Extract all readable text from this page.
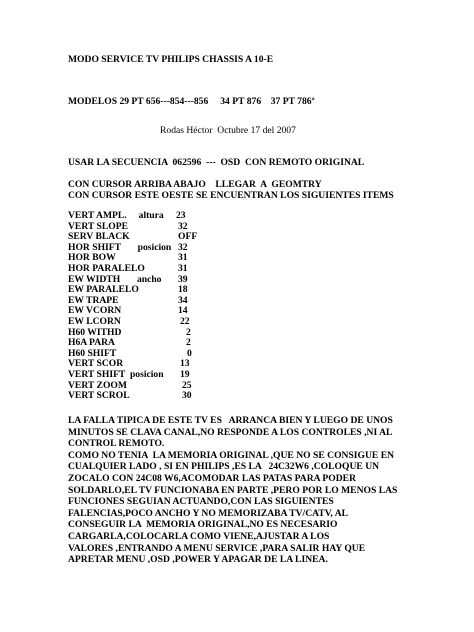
MODO SERVICE TV PHILIPS CHASSIS A 10-E
MODELOS 29 PT 656---854---856     34 PT 876    37 PT 786ª
Rodas Héctor  Octubre 17 del 2007
USAR LA SECUENCIA  062596  ---  OSD  CON REMOTO ORIGINAL
CON CURSOR ARRIBA ABAJO    LLEGAR  A  GEOMTRY
CON CURSOR ESTE OESTE SE ENCUENTRAN LOS SIGUIENTES ITEMS
VERT AMPL.     altura 23
VERT SLOPE	32
SERV BLACK	OFF
HOR SHIFT       posicion 32
HOR BOW	31
HOR PARALELO	31
EW WIDTH       ancho 39
EW PARALELO	18
EW TRAPE	34
EW VCORN	14
EW LCORN	22
H60 WITHD	2
H6A PARA	2
H60 SHIFT	0
VERT SCOR	13
VERT SHIFT  posicion 19
VERT ZOOM	25
VERT SCROL	30
LA FALLA TIPICA DE ESTE TV ES   ARRANCA BIEN Y LUEGO DE UNOS
MINUTOS SE CLAVA CANAL,NO RESPONDE A LOS CONTROLES ,NI AL
CONTROL REMOTO.
COMO NO TENIA  LA MEMORIA ORIGINAL ,QUE NO SE CONSIGUE EN
CUALQUIER LADO , SI EN PHILIPS ,ES LA   24C32W6 ,COLOQUE UN
ZOCALO CON 24C08 W6,ACOMODAR LAS PATAS PARA PODER
SOLDARLO,EL TV FUNCIONABA EN PARTE ,PERO POR LO MENOS LAS
FUNCIONES SEGUIAN ACTUANDO,CON LAS SIGUIENTES
FALENCIAS,POCO ANCHO Y NO MEMORIZABA TV/CATV, AL
CONSEGUIR LA  MEMORIA ORIGINAL,NO ES NECESARIO
CARGARLA,COLOCARLA COMO VIENE,AJUSTAR A LOS
VALORES ,ENTRANDO A MENU SERVICE ,PARA SALIR HAY QUE
APRETAR MENU ,OSD ,POWER Y APAGAR DE LA LINEA.
